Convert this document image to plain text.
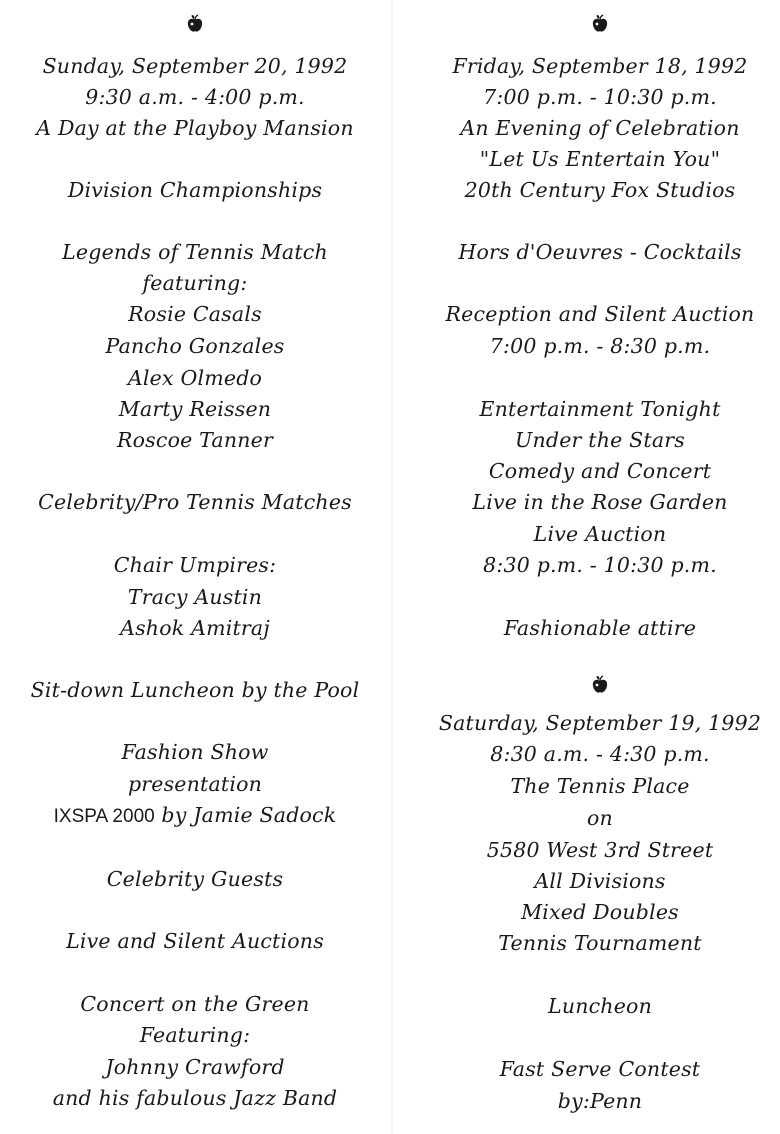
Sunday, September 20, 1992
9:30 a.m. - 4:00 p.m.
A Day at the Playboy Mansion
Division Championships
Legends of Tennis Match
featuring:
Rosie Casals
Pancho Gonzales
Alex Olmedo
Marty Reissen
Roscoe Tanner
Celebrity/Pro Tennis Matches
Chair Umpires:
Tracy Austin
Ashok Amitraj
Sit-down Luncheon by the Pool
Fashion Show
presentation
IXSPA 2000 by Jamie Sadock
Celebrity Guests
Live and Silent Auctions
Concert on the Green
Featuring:
Johnny Crawford
and his fabulous Jazz Band
Friday, September 18, 1992
7:00 p.m. - 10:30 p.m.
An Evening of Celebration
"Let Us Entertain You"
20th Century Fox Studios
Hors d'Oeuvres - Cocktails
Reception and Silent Auction
7:00 p.m. - 8:30 p.m.
Entertainment Tonight
Under the Stars
Comedy and Concert
Live in the Rose Garden
Live Auction
8:30 p.m. - 10:30 p.m.
Fashionable attire
Saturday, September 19, 1992
8:30 a.m. - 4:30 p.m.
The Tennis Place
on
5580 West 3rd Street
All Divisions
Mixed Doubles
Tennis Tournament
Luncheon
Fast Serve Contest
by:Penn
